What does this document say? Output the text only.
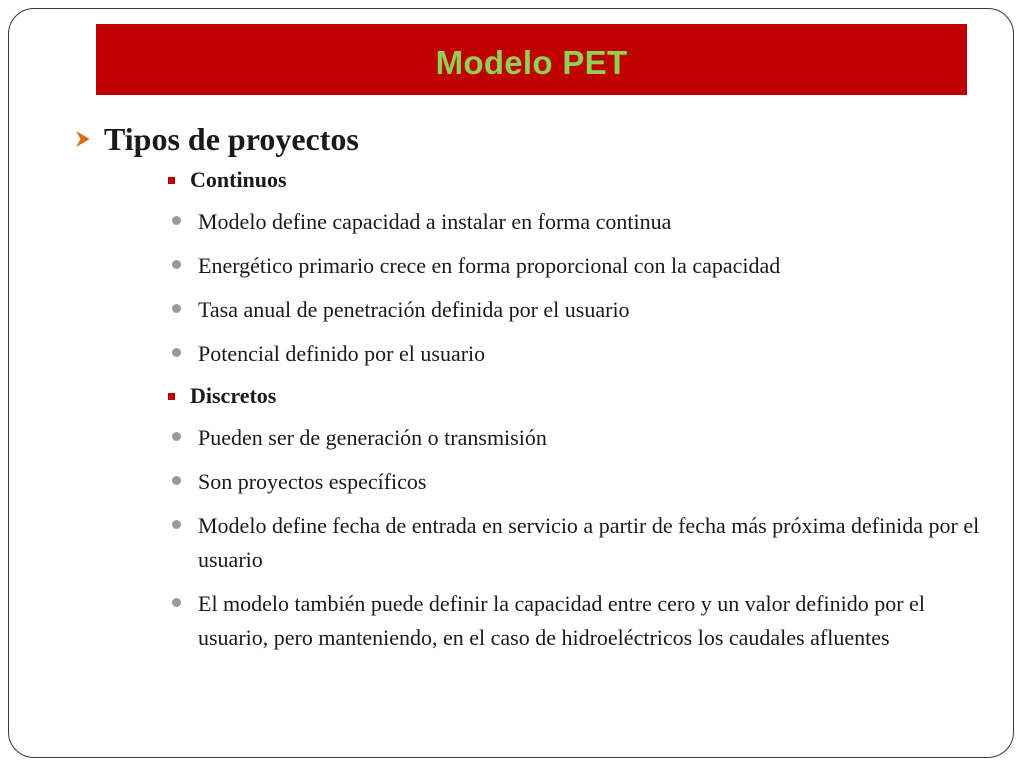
Modelo PET
Tipos de proyectos
Continuos
Modelo define capacidad a instalar en forma continua
Energético primario crece en forma proporcional con la capacidad
Tasa anual de penetración definida por el usuario
Potencial definido por el usuario
Discretos
Pueden ser de generación o transmisión
Son proyectos específicos
Modelo define fecha de entrada en servicio a partir de fecha más próxima definida por el usuario
El modelo también puede definir la capacidad entre cero y un valor definido por el usuario, pero manteniendo, en el caso de hidroeléctricos los caudales afluentes
